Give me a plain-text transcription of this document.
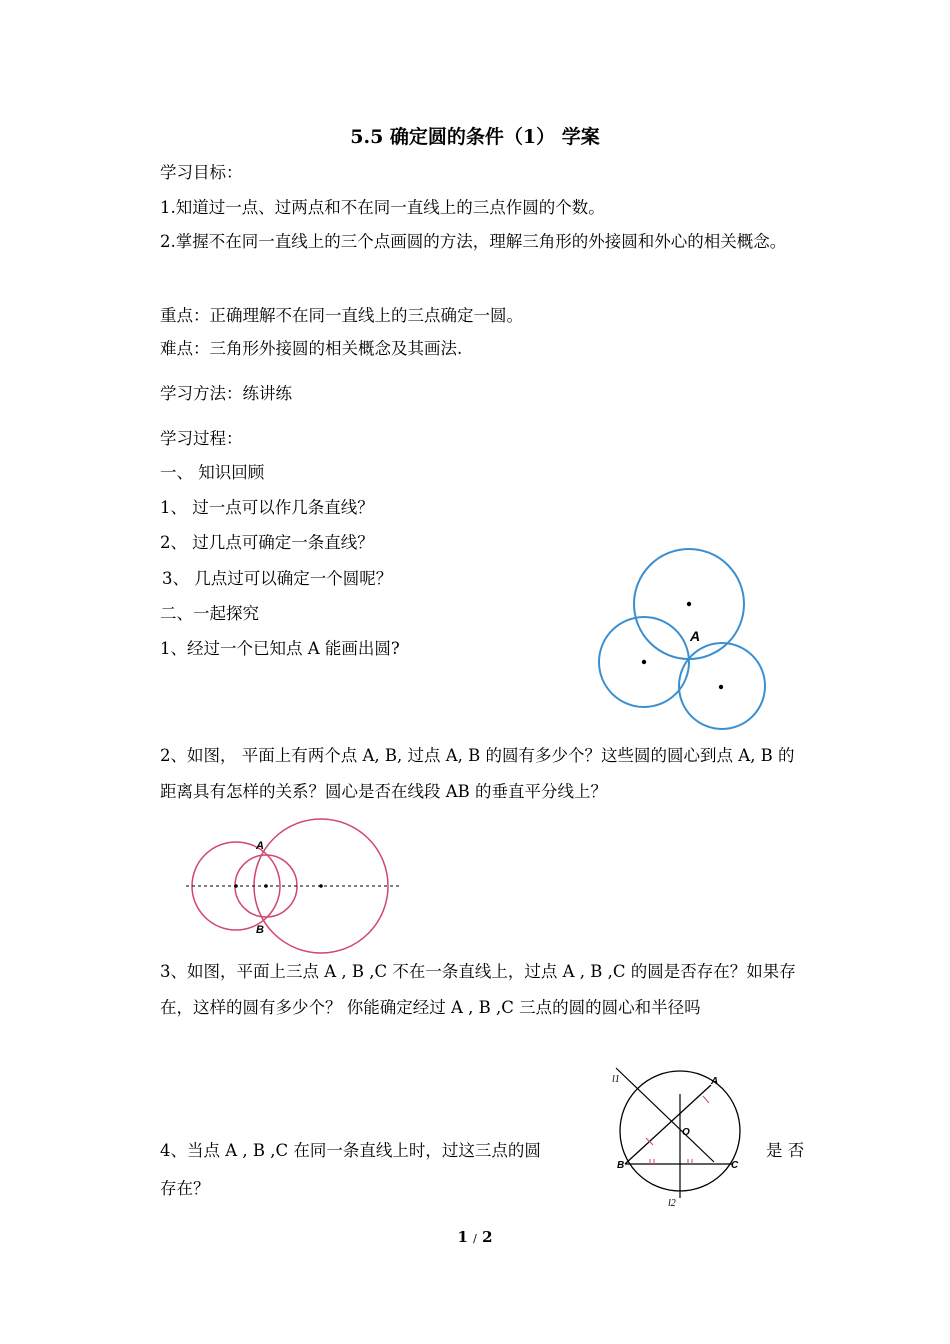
5.5 确定圆的条件（1） 学案
学习目标：
1.知道过一点、过两点和不在同一直线上的三点作圆的个数。
2.掌握不在同一直线上的三个点画圆的方法，理解三角形的外接圆和外心的相关概念。
重点：正确理解不在同一直线上的三点确定一圆。
难点：三角形外接圆的相关概念及其画法.
学习方法：练讲练
学习过程：
一、 知识回顾
1、 过一点可以作几条直线？
2、 过几点可确定一条直线？
3、 几点过可以确定一个圆呢？
二、一起探究
1、经过一个已知点 A 能画出圆?
A
2、如图， 平面上有两个点 A, B, 过点 A, B 的圆有多少个？这些圆的圆心到点 A, B 的距离具有怎样的关系？圆心是否在线段 AB 的垂直平分线上？
A
B
3、如图，平面上三点 A , B ,C 不在一条直线上，过点 A , B ,C 的圆是否存在？如果存在，这样的圆有多少个？ 你能确定经过 A , B ,C 三点的圆的圆心和半径吗
l1
l2
A
B	C
O
4、当点 A , B ,C 在同一条直线上时，过这三点的圆	是 否
存在？
1 / 2
